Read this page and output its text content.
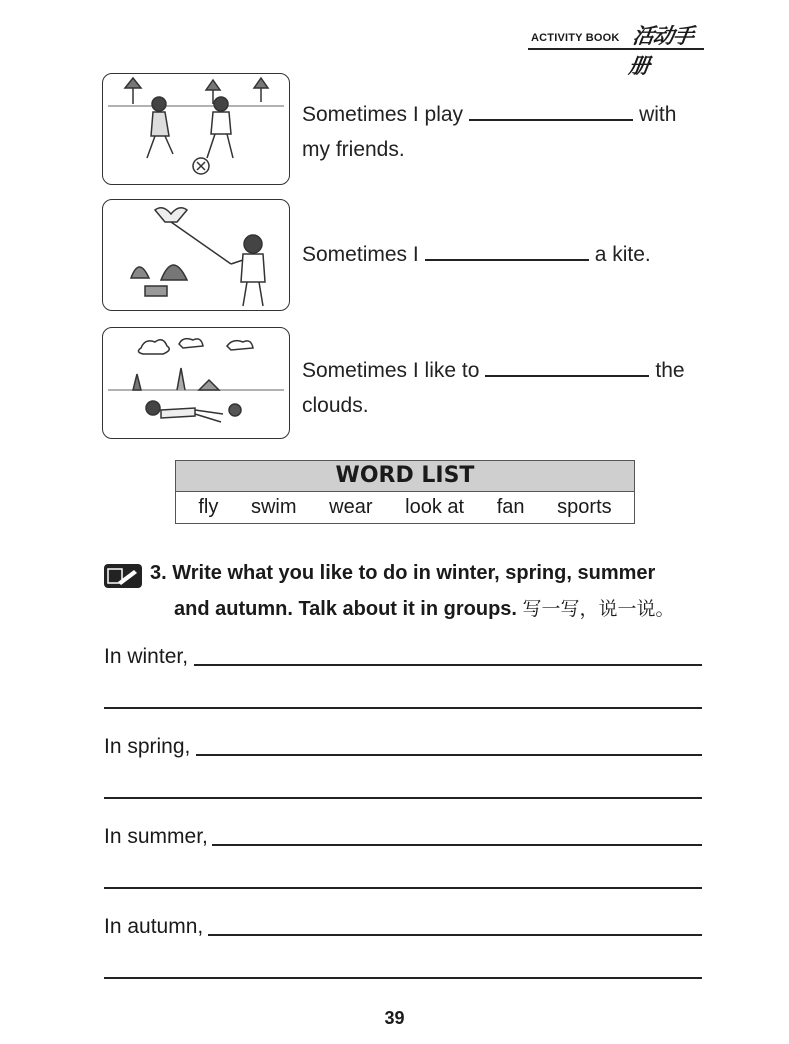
ACTIVITY BOOK 活动手册
Sometimes I play	with my friends.
Sometimes I	a kite.
Sometimes I like to	the clouds.
WORD LIST
fly swim wear look at fan sports
3. Write what you like to do in winter, spring, summer
and autumn. Talk about it in groups. 写一写，说一说。
In winter,
In spring,
In summer,
In autumn,
39
